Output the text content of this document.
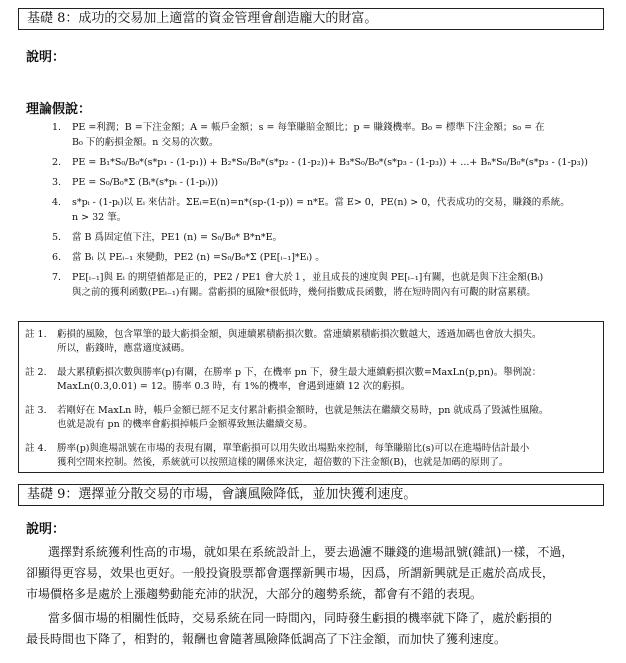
基礎 8：成功的交易加上適當的資金管理會創造龐大的財富。
說明：
理論假說：
1. PE =利潤；B =下注金額；A = 帳戶金額；s = 每筆賺賠金額比；p = 賺錢機率。B₀ = 標準下注金額；s₀ = 在
B₀ 下的虧損金額。n 交易的次數。
2. PE = B₁*S₀/B₀*(s*p₁ - (1-p₁)) + B₂*S₀/B₀*(s*p₂ - (1-p₂))+ B₃*S₀/B₀*(s*p₃ - (1-p₃)) + ...+ Bₙ*S₀/B₀*(s*p₃ - (1-p₃))
3. PE = S₀/B₀*Σ (Bᵢ*(s*pᵢ - (1-pᵢ)))
4. s*pᵢ - (1-pᵢ)以 Eᵢ 來估計。ΣEᵢ=E(n)=n*(sp-(1-p)) = n*E。當 E> 0，PE(n) > 0，代表成功的交易，賺錢的系統。
n > 32 筆。
5. 當 B 爲固定值下注，PE1 (n) = S₀/B₀* B*n*E。
6. 當 Bᵢ 以 PEᵢ₋₁ 來變動，PE2 (n) =S₀/B₀*Σ (PE[ᵢ₋₁]*Eᵢ) 。
7. PE[ᵢ₋₁]與 Eᵢ 的期望値都是正的，PE2 / PE1 會大於１，並且成長的速度與 PE[ᵢ₋₁]有關，也就是與下注金額(Bᵢ)
與之前的獲利函數(PEᵢ₋₁)有關。當虧損的風險*很低時，幾何指數成長函數，將在短時間內有可觀的財富累積。
註 1. 虧損的風險，包含單筆的最大虧損金額，與連續累積虧損次數。當連續累積虧損次數越大，透過加碼也會放大損失。
所以，虧錢時，應當適度減碼。
註 2. 最大累積虧損次數與勝率(p)有關，在勝率 p 下，在機率 pn 下，發生最大連續虧損次數=MaxLn(p,pn)。舉例說：
MaxLn(0.3,0.01) = 12。勝率 0.3 時，有 1%的機率，會遇到連續 12 次的虧損。
註 3. 若剛好在 MaxLn 時，帳戶金額已經不足支付累計虧損金額時，也就是無法在繼續交易時，pn 就成爲了毀滅性風險。
也就是說有 pn 的機率會虧損掉帳戶金額導致無法繼續交易。
註 4. 勝率(p)與進場訊號在市場的表現有關，單筆虧損可以用失敗出場點來控制，每筆賺賠比(s)可以在進場時估計最小
獲利空間來控制。然後，系統就可以按照這樣的關係來決定，超倍數的下注金額(B)，也就是加碼的原則了。
基礎 9：選擇並分散交易的市場，會讓風險降低，並加快獲利速度。
說明：
選擇對系統獲利性高的市場，就如果在系統設計上，要去過濾不賺錢的進場訊號(雜訊)一樣，不過，
卻顯得更容易，效果也更好。一般投資股票都會選擇新興市場，因爲，所謂新興就是正處於高成長，
市場價格多是處於上漲趨勢動能充沛的狀況，大部分的趨勢系統，都會有不錯的表現。
當多個市場的相關性低時，交易系統在同一時間內，同時發生虧損的機率就下降了，處於虧損的
最長時間也下降了，相對的，報酬也會隨著風險降低調高了下注金額，而加快了獲利速度。
